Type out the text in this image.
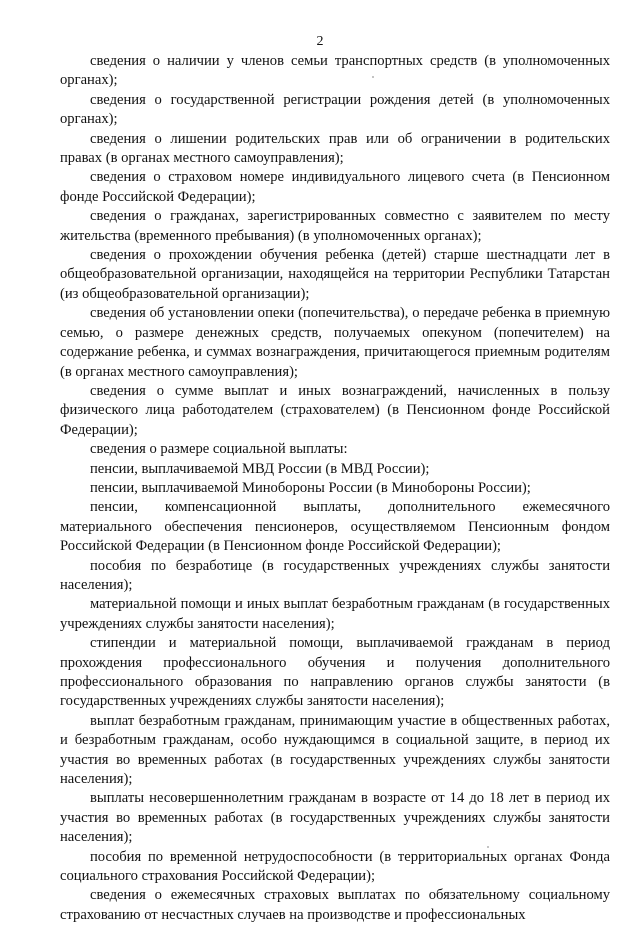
2

сведения о наличии у членов семьи транспортных средств (в уполномоченных органах);

сведения о государственной регистрации рождения детей (в уполномоченных органах);

сведения о лишении родительских прав или об ограничении в родительских правах (в органах местного самоуправления);

сведения о страховом номере индивидуального лицевого счета (в Пенсионном фонде Российской Федерации);

сведения о гражданах, зарегистрированных совместно с заявителем по месту жительства (временного пребывания) (в уполномоченных органах);

сведения о прохождении обучения ребенка (детей) старше шестнадцати лет в общеобразовательной организации, находящейся на территории Республики Татарстан (из общеобразовательной организации);

сведения об установлении опеки (попечительства), о передаче ребенка в приемную семью, о размере денежных средств, получаемых опекуном (попечителем) на содержание ребенка, и суммах вознаграждения, причитающегося приемным родителям (в органах местного самоуправления);

сведения о сумме выплат и иных вознаграждений, начисленных в пользу физического лица работодателем (страхователем) (в Пенсионном фонде Российской Федерации);

сведения о размере социальной выплаты:

пенсии, выплачиваемой МВД России (в МВД России);

пенсии, выплачиваемой Минобороны России (в Минобороны России);

пенсии, компенсационной выплаты, дополнительного ежемесячного материального обеспечения пенсионеров, осуществляемом Пенсионным фондом Российской Федерации (в Пенсионном фонде Российской Федерации);

пособия по безработице (в государственных учреждениях службы занятости населения);

материальной помощи и иных выплат безработным гражданам (в государственных учреждениях службы занятости населения);

стипендии и материальной помощи, выплачиваемой гражданам в период прохождения профессионального обучения и получения дополнительного профессионального образования по направлению органов службы занятости (в государственных учреждениях службы занятости населения);

выплат безработным гражданам, принимающим участие в общественных работах, и безработным гражданам, особо нуждающимся в социальной защите, в период их участия во временных работах (в государственных учреждениях службы занятости населения);

выплаты несовершеннолетним гражданам в возрасте от 14 до 18 лет в период их участия во временных работах (в государственных учреждениях службы занятости населения);

пособия по временной нетрудоспособности (в территориальных органах Фонда социального страхования Российской Федерации);

сведения о ежемесячных страховых выплатах по обязательному социальному страхованию от несчастных случаев на производстве и профессиональных
